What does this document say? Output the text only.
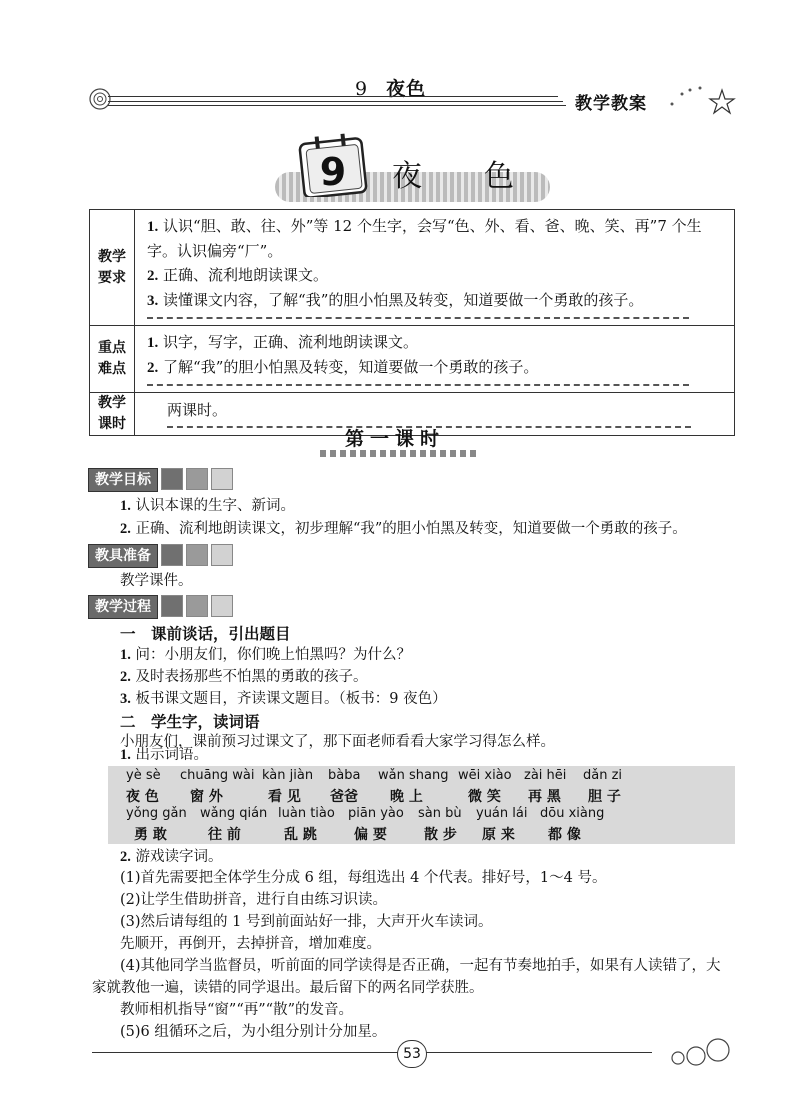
9 夜色
教学教案
9 夜色
教学要求	1. 认识“胆、敢、往、外”等 12 个生字，会写“色、外、看、爸、晚、笑、再”7 个生字。认识偏旁“厂”。
2. 正确、流利地朗读课文。
3. 读懂课文内容，了解“我”的胆小怕黑及转变，知道要做一个勇敢的孩子。

重点难点	1. 识字，写字，正确、流利地朗读课文。
2. 了解“我”的胆小怕黑及转变，知道要做一个勇敢的孩子。

教学课时	两课时。
第一课时
教学目标
1. 认识本课的生字、新词。
2. 正确、流利地朗读课文，初步理解“我”的胆小怕黑及转变，知道要做一个勇敢的孩子。
教具准备
教学课件。
教学过程
一　课前谈话，引出题目
1. 问：小朋友们，你们晚上怕黑吗？为什么？
2. 及时表扬那些不怕黑的勇敢的孩子。
3. 板书课文题目，齐读课文题目。（板书：9 夜色）
二　学生字，读词语
小朋友们，课前预习过课文了，那下面老师看看大家学习得怎么样。
1. 出示词语。
yè sè chuāng wài kàn jiàn bàba wǎn shang wēi xiào zài hēi dǎn zi
夜 色 窗 外	看 见 爸爸 晚 上	微 笑 再 黑 胆 子
yǒng gǎn wǎng qián luàn tiào piān yào sàn bù yuán lái dōu xiàng
勇 敢	往 前	乱 跳	偏 要	散 步 原 来 都 像
2. 游戏读字词。
(1)首先需要把全体学生分成 6 组，每组选出 4 个代表。排好号，1～4 号。
(2)让学生借助拼音，进行自由练习识读。
(3)然后请每组的 1 号到前面站好一排，大声开火车读词。
先顺开，再倒开，去掉拼音，增加难度。
(4)其他同学当监督员，听前面的同学读得是否正确，一起有节奏地拍手，如果有人读错了，大
家就教他一遍，读错的同学退出。最后留下的两名同学获胜。
教师相机指导“窗”“再”“散”的发音。
(5)6 组循环之后，为小组分别计分加星。
53
